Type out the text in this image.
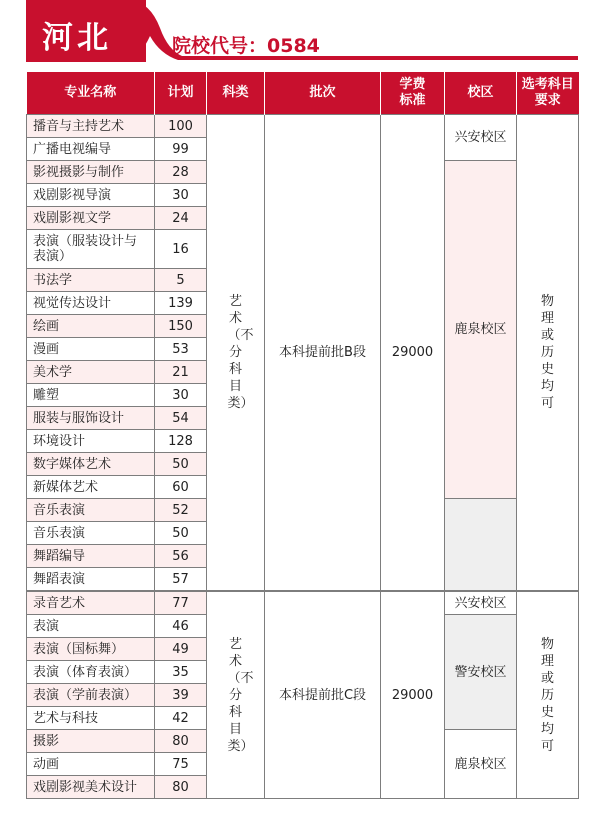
河北	院校代号：0584
专业名称	计划	科类	批次	学费标准	校区	选考科目要求
播音与主持艺术	100	艺术（不分科目类）	本科提前批B段	29000	兴安校区	物理或历史均可
广播电视编导	99					
影视摄影与制作	28				鹿泉校区	
戏剧影视导演	30					
戏剧影视文学	24					
表演（服装设计与表演）	16					
书法学	5					
视觉传达设计	139					
绘画	150					
漫画	53					
美术学	21					
雕塑	30					
服装与服饰设计	54					
环境设计	128					
数字媒体艺术	50					
新媒体艺术	60					
音乐表演	52					
音乐表演	50					
舞蹈编导	56					
舞蹈表演	57					
录音艺术	77	艺术（不分科目类）	本科提前批C段	29000	兴安校区	物理或历史均可
表演	46				警安校区	
表演（国标舞）	49					
表演（体育表演）	35					
表演（学前表演）	39					
艺术与科技	42					
摄影	80				鹿泉校区	
动画	75					
戏剧影视美术设计	80					
